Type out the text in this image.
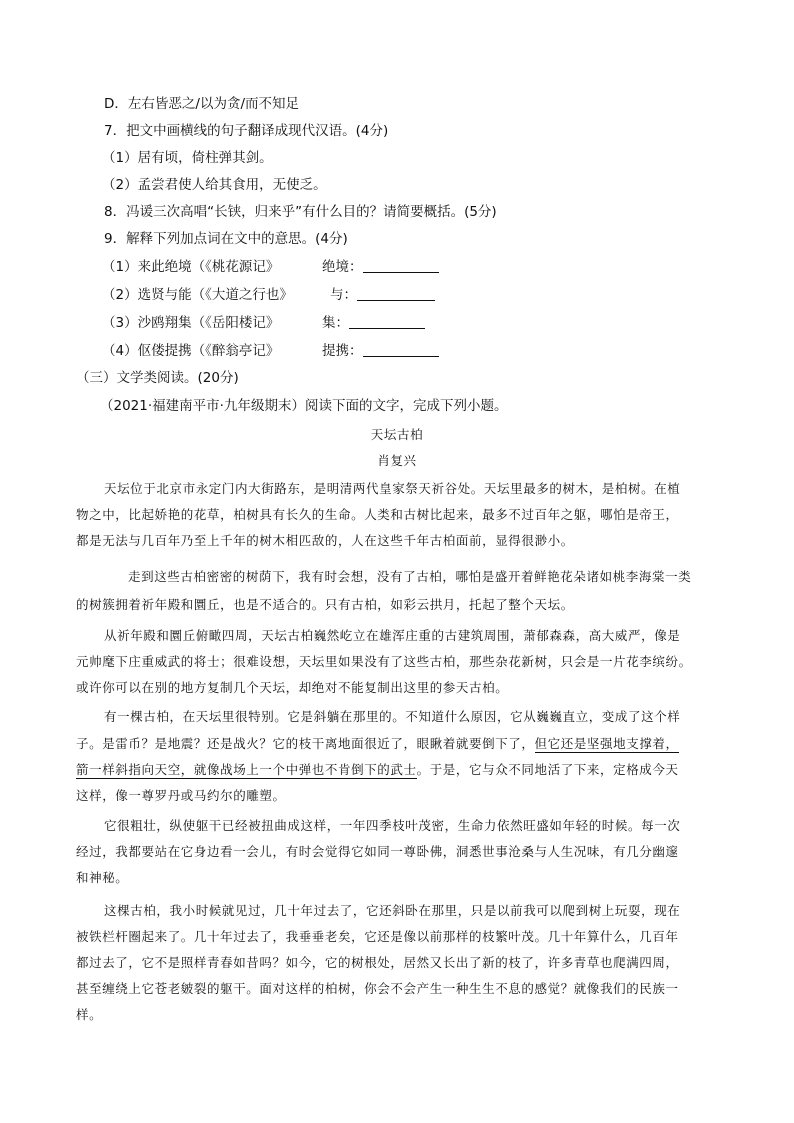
D．左右皆恶之/以为贪/而不知足
7．把文中画横线的句子翻译成现代汉语。(4分)
（1）居有顷，倚柱弹其剑。
（2）孟尝君使人给其食用，无使乏。
8．冯谖三次高唱“长铗，归来乎”有什么目的？请简要概括。(5分)
9．解释下列加点词在文中的意思。(4分)
（1）来此绝境（《桃花源记》	绝境：
（2）选贤与能（《大道之行也》	与：
（3）沙鸥翔集（《岳阳楼记》	集：
（4）伛偻提携（《醉翁亭记》	提携：
（三）文学类阅读。(20分)
（2021·福建南平市·九年级期末）阅读下面的文字，完成下列小题。
天坛古柏
肖复兴
天坛位于北京市永定门内大街路东，是明清两代皇家祭天祈谷处。天坛里最多的树木，是柏树。在植
物之中，比起娇艳的花草，柏树具有长久的生命。人类和古树比起来，最多不过百年之躯，哪怕是帝王，
都是无法与几百年乃至上千年的树木相匹敌的，人在这些千年古柏面前，显得很渺小。
走到这些古柏密密的树荫下，我有时会想，没有了古柏，哪怕是盛开着鲜艳花朵诸如桃李海棠一类
的树簇拥着祈年殿和圜丘，也是不适合的。只有古柏，如彩云拱月，托起了整个天坛。
从祈年殿和圜丘俯瞰四周，天坛古柏巍然屹立在雄浑庄重的古建筑周围，萧郁森森，高大威严，像是
元帅麾下庄重威武的将士；很难设想，天坛里如果没有了这些古柏，那些杂花新树，只会是一片花李缤纷。
或许你可以在别的地方复制几个天坛，却绝对不能复制出这里的参天古柏。
有一棵古柏，在天坛里很特别。它是斜躺在那里的。不知道什么原因，它从巍巍直立，变成了这个样
子。是雷币？是地震？还是战火？它的枝干离地面很近了，眼瞅着就要倒下了，但它还是坚强地支撑着，
箭一样斜指向天空，就像战场上一个中弹也不肯倒下的武士。于是，它与众不同地活了下来，定格成今天
这样，像一尊罗丹或马约尔的雕塑。
它很粗壮，纵使躯干已经被扭曲成这样，一年四季枝叶茂密，生命力依然旺盛如年轻的时候。每一次
经过，我都要站在它身边看一会儿，有时会觉得它如同一尊卧佛，洞悉世事沧桑与人生况味，有几分幽邃
和神秘。
这棵古柏，我小时候就见过，几十年过去了，它还斜卧在那里，只是以前我可以爬到树上玩耍，现在
被铁栏杆圈起来了。几十年过去了，我垂垂老矣，它还是像以前那样的枝繁叶茂。几十年算什么，几百年
都过去了，它不是照样青春如昔吗？如今，它的树根处，居然又长出了新的枝了，许多青草也爬满四周，
甚至缠绕上它苍老皴裂的躯干。面对这样的柏树，你会不会产生一种生生不息的感觉？就像我们的民族一
样。
